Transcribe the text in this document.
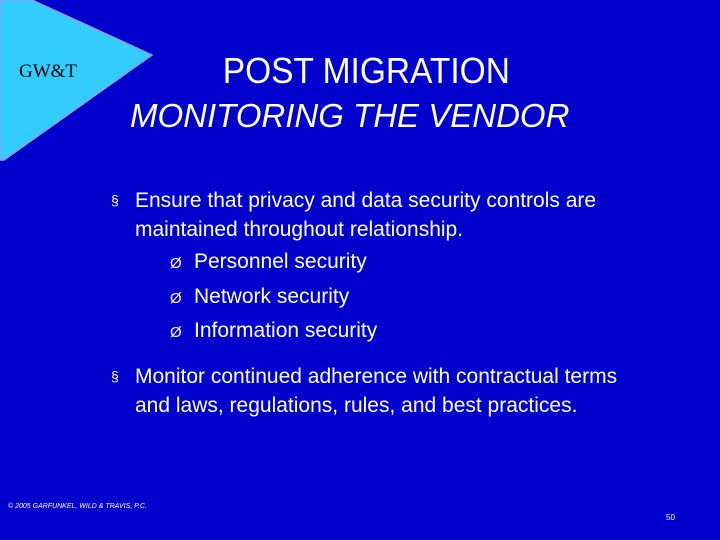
GW&T	POST MIGRATION
MONITORING THE VENDOR
§ Ensure that privacy and data security controls are maintained throughout relationship.
Ø Personnel security
Ø Network security
Ø Information security
§ Monitor continued adherence with contractual terms and laws, regulations, rules, and best practices.
© 2005 GARFUNKEL, WILD & TRAVIS, P.C.
50
